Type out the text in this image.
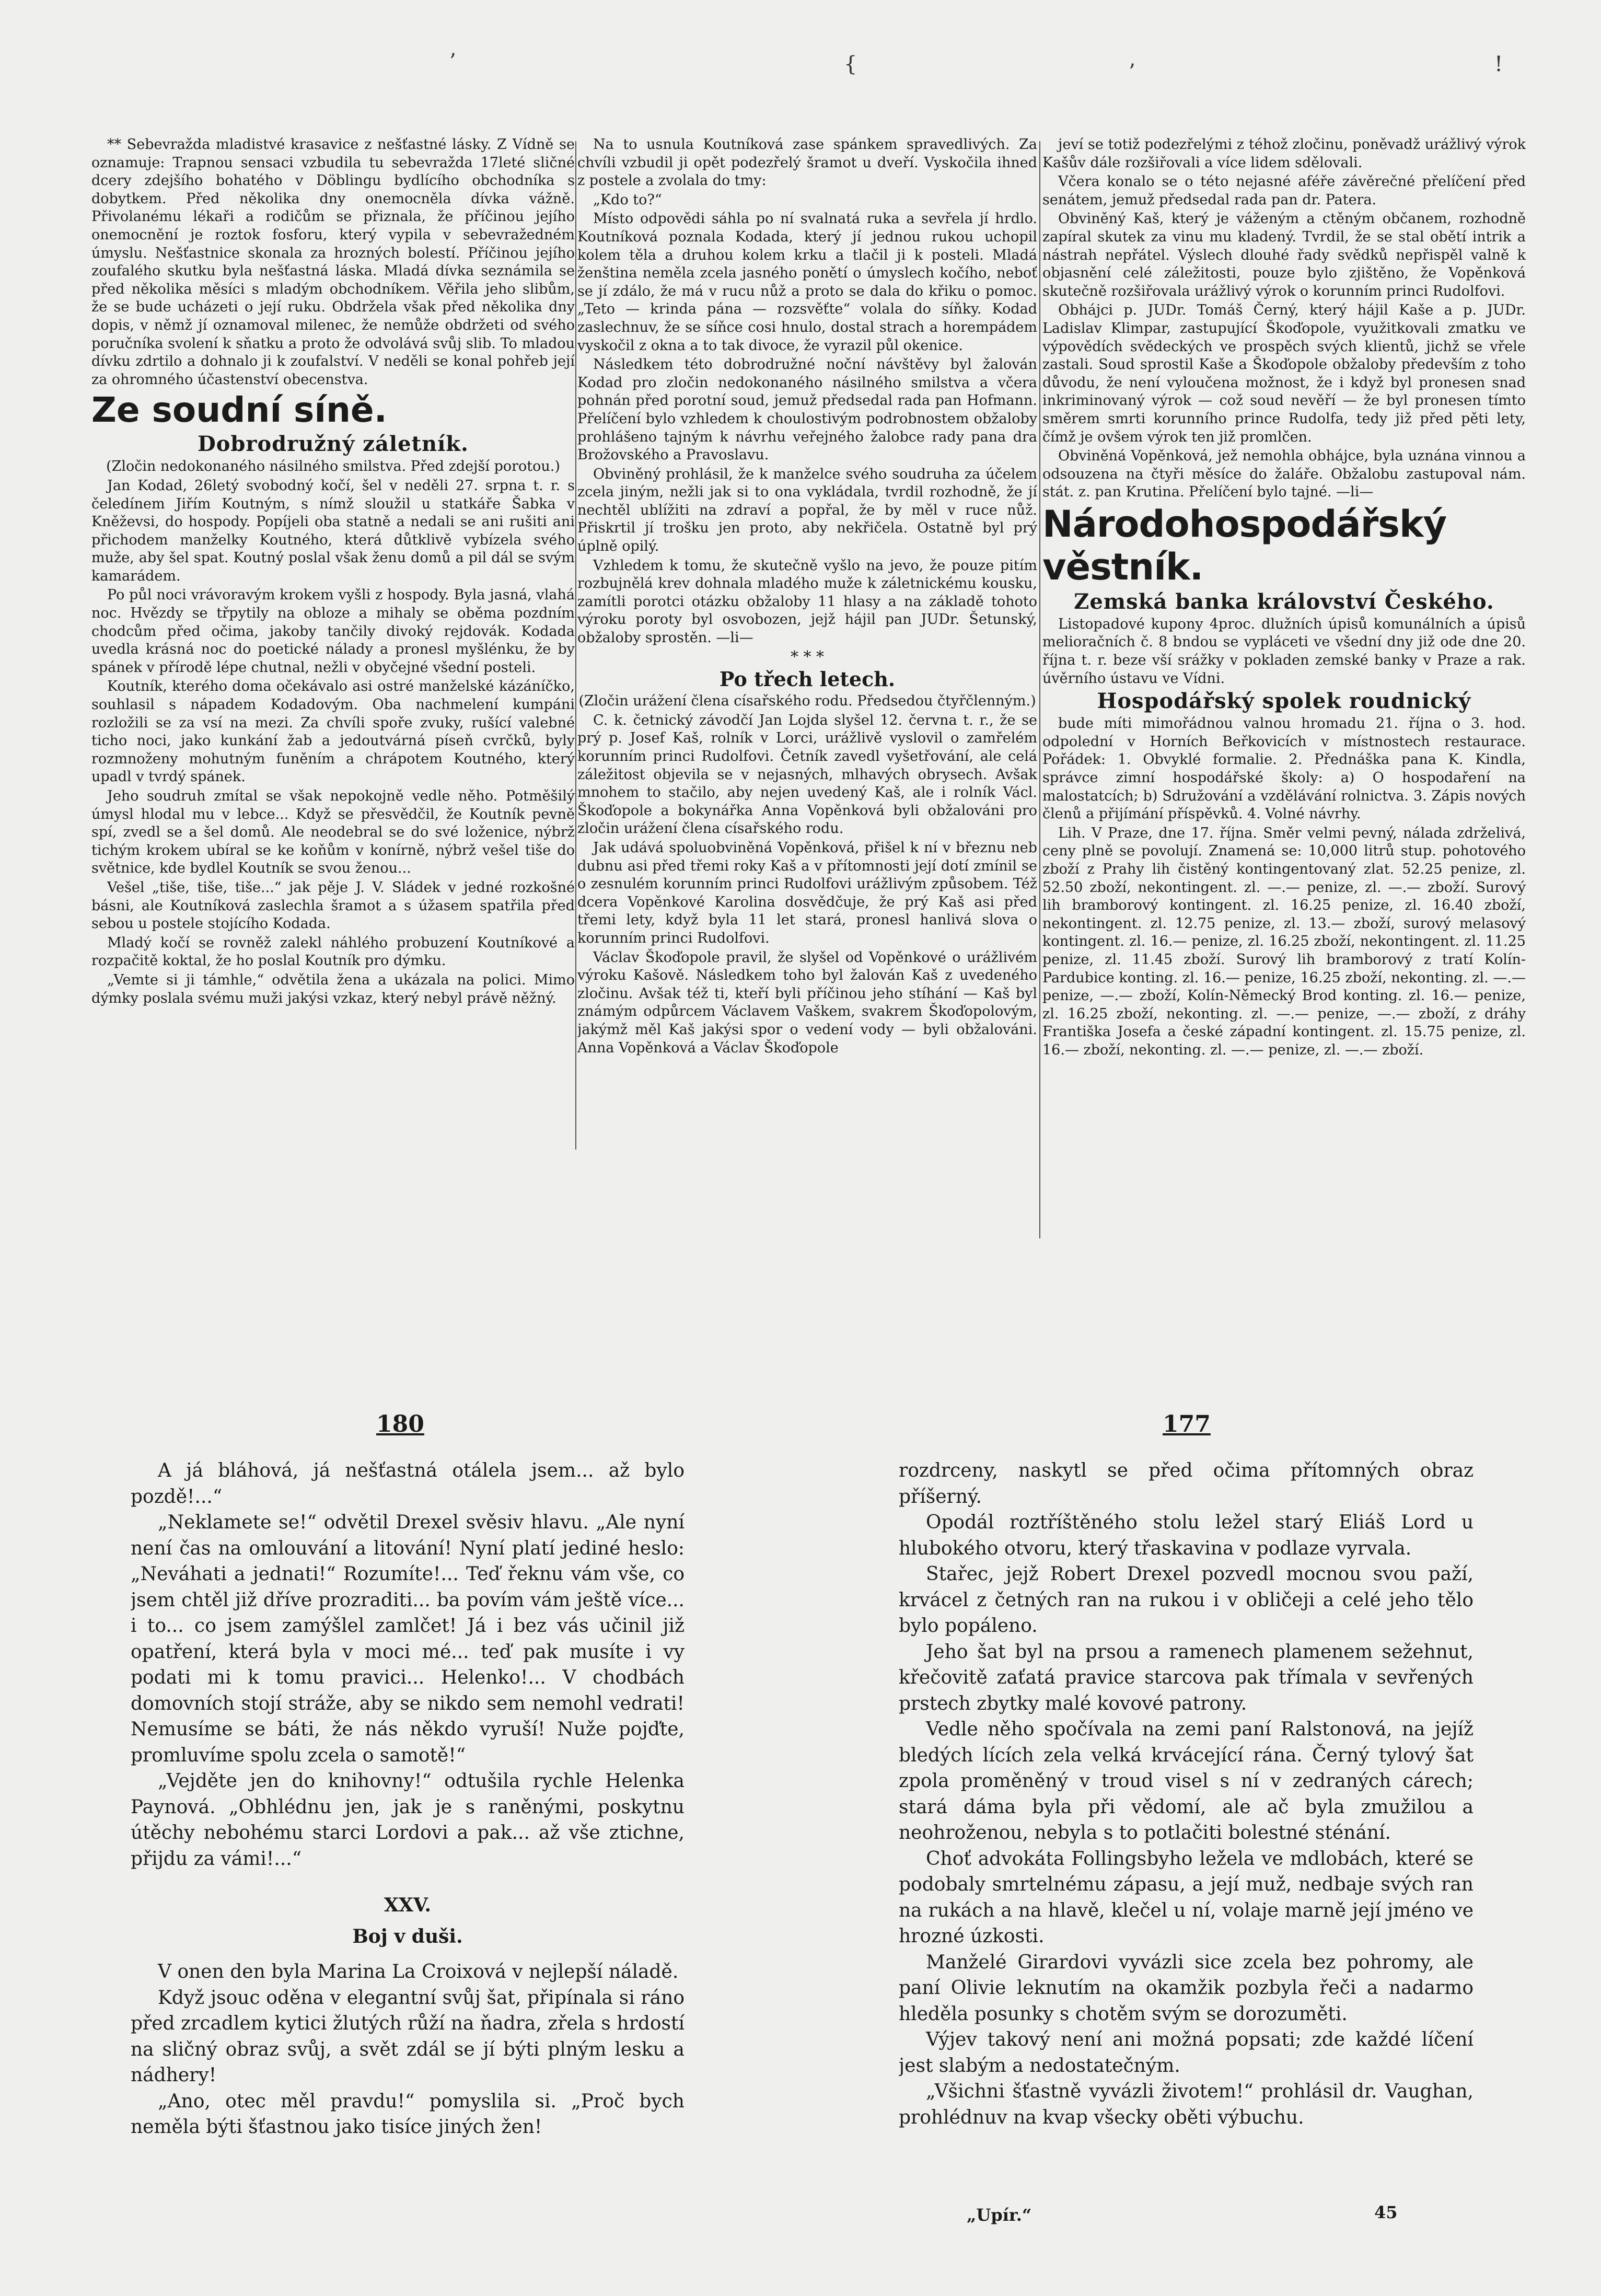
’	{	’	!

** Sebevražda mladistvé krasavice z nešťastné lásky. Z Vídně se oznamuje: Trapnou sensaci vzbudila tu sebevražda 17leté sličné dcery zdejšího bohatého v Döblingu bydlícího obchodníka s dobytkem. Před několika dny onemocněla dívka vážně. Přivolanému lékaři a rodičům se přiznala, že příčinou jejího onemocnění je roztok fosforu, který vypila v sebevražedném úmyslu. Nešťastnice skonala za hrozných bolestí. Příčinou jejího zoufalého skutku byla nešťastná láska. Mladá dívka seznámila se před několika měsíci s mladým obchodníkem. Věřila jeho slibům, že se bude ucházeti o její ruku. Obdržela však před několika dny dopis, v němž jí oznamoval milenec, že nemůže obdržeti od svého poručníka svolení k sňatku a proto že odvolává svůj slib. To mladou dívku zdrtilo a dohnalo ji k zoufalství. V neděli se konal pohřeb její za ohromného účastenství obecenstva.

Ze soudní síně.

Dobrodružný záletník.

(Zločin nedokonaného násilného smilstva. Před zdejší porotou.)

Jan Kodad, 26letý svobodný kočí, šel v neděli 27. srpna t. r. s čeledínem Jiřím Koutným, s nímž sloužil u statkáře Šabka v Kněževsi, do hospody. Popíjeli oba statně a nedali se ani rušiti ani přichodem manželky Koutného, která důtklivě vybízela svého muže, aby šel spat. Koutný poslal však ženu domů a pil dál se svým kamarádem.

Po půl noci vrávoravým krokem vyšli z hospody. Byla jasná, vlahá noc. Hvězdy se třpytily na obloze a mihaly se oběma pozdním chodcům před očima, jakoby tančily divoký rejdovák. Kodada uvedla krásná noc do poetické nálady a pronesl myšlénku, že by spánek v přírodě lépe chutnal, nežli v obyčejné všední posteli.

Koutník, kterého doma očekávalo asi ostré manželské kázáníčko, souhlasil s nápadem Kodadovým. Oba nachmelení kumpáni rozložili se za vsí na mezi. Za chvíli spoře zvuky, rušící valebné ticho noci, jako kunkání žab a jedoutvárná píseň cvrčků, byly rozmnoženy mohutným funěním a chrápotem Koutného, který upadl v tvrdý spánek.

Jeho soudruh zmítal se však nepokojně vedle něho. Potměšilý úmysl hlodal mu v lebce... Když se přesvědčil, že Koutník pevně spí, zvedl se a šel domů. Ale neodebral se do své loženice, nýbrž tichým krokem ubíral se ke koňům v konírně, nýbrž vešel tiše do světnice, kde bydlel Koutník se svou ženou...

Vešel „tiše, tiše, tiše...“ jak pěje J. V. Sládek v jedné rozkošné básni, ale Koutníková zaslechla šramot a s úžasem spatřila před sebou u postele stojícího Kodada.

Mladý kočí se rovněž zalekl náhlého probuzení Koutníkové a rozpačitě koktal, že ho poslal Koutník pro dýmku.

„Vemte si ji támhle,“ odvětila žena a ukázala na polici. Mimo dýmky poslala svému muži jakýsi vzkaz, který nebyl právě něžný.

Na to usnula Koutníková zase spánkem spravedlivých. Za chvíli vzbudil ji opět podezřelý šramot u dveří. Vyskočila ihned z postele a zvolala do tmy:

„Kdo to?“

Místo odpovědi sáhla po ní svalnatá ruka a sevřela jí hrdlo. Koutníková poznala Kodada, který jí jednou rukou uchopil kolem těla a druhou kolem krku a tlačil ji k posteli. Mladá ženština neměla zcela jasného ponětí o úmyslech kočího, neboť se jí zdálo, že má v rucu nůž a proto se dala do křiku o pomoc. „Teto — krinda pána — rozsvěťte“ volala do síňky. Kodad zaslechnuv, že se síňce cosi hnulo, dostal strach a horempádem vyskočil z okna a to tak divoce, že vyrazil půl okenice.

Následkem této dobrodružné noční návštěvy byl žalován Kodad pro zločin nedokonaného násilného smilstva a včera pohnán před porotní soud, jemuž předsedal rada pan Hofmann. Přelíčení bylo vzhledem k choulostivým podrobnostem obžaloby prohlášeno tajným k návrhu veřejného žalobce rady pana dra Brožovského a Pravoslavu.

Obviněný prohlásil, že k manželce svého soudruha za účelem zcela jiným, nežli jak si to ona vykládala, tvrdil rozhodně, že jí nechtěl ublížiti na zdraví a popřal, že by měl v ruce nůž. Přiskrtil jí trošku jen proto, aby nekřičela. Ostatně byl prý úplně opilý.

Vzhledem k tomu, že skutečně vyšlo na jevo, že pouze pitím rozbujnělá krev dohnala mladého muže k záletnickému kousku, zamítli porotci otázku obžaloby 11 hlasy a na základě tohoto výroku poroty byl osvobozen, jejž hájil pan JUDr. Šetunský, obžaloby sprostěn. —li—

* * *

Po třech letech.

(Zločin urážení člena císařského rodu. Předsedou čtyřčlenným.)

C. k. četnický závodčí Jan Lojda slyšel 12. června t. r., že se prý p. Josef Kaš, rolník v Lorci, urážlivě vyslovil o zamřelém korunním princi Rudolfovi. Četník zavedl vyšetřování, ale celá záležitost objevila se v nejasných, mlhavých obrysech. Avšak mnohem to stačilo, aby nejen uvedený Kaš, ale i rolník Václ. Škoďopole a bokynářka Anna Vopěnková byli obžalováni pro zločin urážení člena císařského rodu.

Jak udává spoluobviněná Vopěnková, přišel k ní v březnu neb dubnu asi před třemi roky Kaš a v přítomnosti její dotí zmínil se o zesnulém korunním princi Rudolfovi urážlivým způsobem. Též dcera Vopěnkové Karolina dosvědčuje, že prý Kaš asi před třemi lety, když byla 11 let stará, pronesl hanlivá slova o korunním princi Rudolfovi.

Václav Škoďopole pravil, že slyšel od Vopěnkové o urážlivém výroku Kašově. Následkem toho byl žalován Kaš z uvedeného zločinu. Avšak též ti, kteří byli příčinou jeho stíhání — Kaš byl známým odpůrcem Václavem Vaškem, svakrem Škoďopolovým, jakýmž měl Kaš jakýsi spor o vedení vody — byli obžalováni. Anna Vopěnková a Václav Škoďopole

jeví se totiž podezřelými z téhož zločinu, poněvadž urážlivý výrok Kašův dále rozšiřovali a více lidem sdělovali.

Včera konalo se o této nejasné aféře závěrečné přelíčení před senátem, jemuž předsedal rada pan dr. Patera.

Obviněný Kaš, který je váženým a ctěným občanem, rozhodně zapíral skutek za vinu mu kladený. Tvrdil, že se stal obětí intrik a nástrah nepřátel. Výslech dlouhé řady svědků nepřispěl valně k objasnění celé záležitosti, pouze bylo zjištěno, že Vopěnková skutečně rozšiřovala urážlivý výrok o korunním princi Rudolfovi.

Obhájci p. JUDr. Tomáš Černý, který hájil Kaše a p. JUDr. Ladislav Klimpar, zastupující Škoďopole, využitkovali zmatku ve výpovědích svědeckých ve prospěch svých klientů, jichž se vřele zastali. Soud sprostil Kaše a Škoďopole obžaloby především z toho důvodu, že není vyloučena možnost, že i když byl pronesen snad inkriminovaný výrok — což soud nevěří — že byl pronesen tímto směrem smrti korunního prince Rudolfa, tedy již před pěti lety, čímž je ovšem výrok ten již promlčen.

Obviněná Vopěnková, jež nemohla obhájce, byla uznána vinnou a odsouzena na čtyři měsíce do žaláře. Obžalobu zastupoval nám. stát. z. pan Krutina. Přelíčení bylo tajné. —li—

Národohospodářský věstník.

Zemská banka království Českého.

Listopadové kupony 4proc. dlužních úpisů komunálních a úpisů melioračních č. 8 bndou se vypláceti ve všední dny již ode dne 20. října t. r. beze vší srážky v pokladen zemské banky v Praze a rak. úvěrního ústavu ve Vídni.

Hospodářský spolek roudnický

bude míti mimořádnou valnou hromadu 21. října o 3. hod. odpolední v Horních Beřkovicích v místnostech restaurace. Pořádek: 1. Obvyklé formalie. 2. Přednáška pana K. Kindla, správce zimní hospodářské školy: a) O hospodaření na malostatcích; b) Sdružování a vzdělávání rolnictva. 3. Zápis nových členů a přijímání příspěvků. 4. Volné návrhy.

Lih. V Praze, dne 17. října. Směr velmi pevný, nálada zdrželivá, ceny plně se povolují. Znamená se: 10,000 litrů stup. pohotového zboží z Prahy lih čistěný kontingentovaný zlat. 52.25 penize, zl. 52.50 zboží, nekontingent. zl. —.— penize, zl. —.— zboží. Surový lih bramborový kontingent. zl. 16.25 penize, zl. 16.40 zboží, nekontingent. zl. 12.75 penize, zl. 13.— zboží, surový melasový kontingent. zl. 16.— penize, zl. 16.25 zboží, nekontingent. zl. 11.25 penize, zl. 11.45 zboží. Surový lih bramborový z tratí Kolín-Pardubice konting. zl. 16.— penize, 16.25 zboží, nekonting. zl. —.— penize, —.— zboží, Kolín-Německý Brod konting. zl. 16.— penize, zl. 16.25 zboží, nekonting. zl. —.— penize, —.— zboží, z dráhy Františka Josefa a české západní kontingent. zl. 15.75 penize, zl. 16.— zboží, nekonting. zl. —.— penize, zl. —.— zboží.

180	177

A já bláhová, já nešťastná otálela jsem... až bylo pozdě!...“

„Neklamete se!“ odvětil Drexel svěsiv hlavu. „Ale nyní není čas na omlouvání a litování! Nyní platí jediné heslo: „Neváhati a jednati!“ Rozumíte!... Teď řeknu vám vše, co jsem chtěl již dříve prozraditi... ba povím vám ještě více... i to... co jsem zamýšlel zamlčet! Já i bez vás učinil již opatření, která byla v moci mé... teď pak musíte i vy podati mi k tomu pravici... Helenko!... V chodbách domovních stojí stráže, aby se nikdo sem nemohl vedrati! Nemusíme se báti, že nás někdo vyruší! Nuže pojďte, promluvíme spolu zcela o samotě!“

„Vejděte jen do knihovny!“ odtušila rychle Helenka Paynová. „Obhlédnu jen, jak je s raněnými, poskytnu útěchy nebohému starci Lordovi a pak... až vše ztichne, přijdu za vámi!...“

XXV.

Boj v duši.

V onen den byla Marina La Croixová v nejlepší náladě.

Když jsouc oděna v elegantní svůj šat, připínala si ráno před zrcadlem kytici žlutých růží na ňadra, zřela s hrdostí na sličný obraz svůj, a svět zdál se jí býti plným lesku a nádhery!

„Ano, otec měl pravdu!“ pomyslila si. „Proč bych neměla býti šťastnou jako tisíce jiných žen!

rozdrceny, naskytl se před očima přítomných obraz příšerný.

Opodál roztříštěného stolu ležel starý Eliáš Lord u hlubokého otvoru, který třaskavina v podlaze vyrvala.

Stařec, jejž Robert Drexel pozvedl mocnou svou paží, krvácel z četných ran na rukou i v obličeji a celé jeho tělo bylo popáleno.

Jeho šat byl na prsou a ramenech plamenem sežehnut, křečovitě zaťatá pravice starcova pak třímala v sevřených prstech zbytky malé kovové patrony.

Vedle něho spočívala na zemi paní Ralstonová, na jejíž bledých lících zela velká krvácející rána. Černý tylový šat zpola proměněný v troud visel s ní v zedraných cárech; stará dáma byla při vědomí, ale ač byla zmužilou a neohroženou, nebyla s to potlačiti bolestné sténání.

Choť advokáta Follingsbyho ležela ve mdlobách, které se podobaly smrtelnému zápasu, a její muž, nedbaje svých ran na rukách a na hlavě, klečel u ní, volaje marně její jméno ve hrozné úzkosti.

Manželé Girardovi vyvázli sice zcela bez pohromy, ale paní Olivie leknutím na okamžik pozbyla řeči a nadarmo hleděla posunky s chotěm svým se dorozuměti.

Výjev takový není ani možná popsati; zde každé líčení jest slabým a nedostatečným.

„Všichni šťastně vyvázli životem!“ prohlásil dr. Vaughan, prohlédnuv na kvap všecky oběti výbuchu.

„Upír.“	45
